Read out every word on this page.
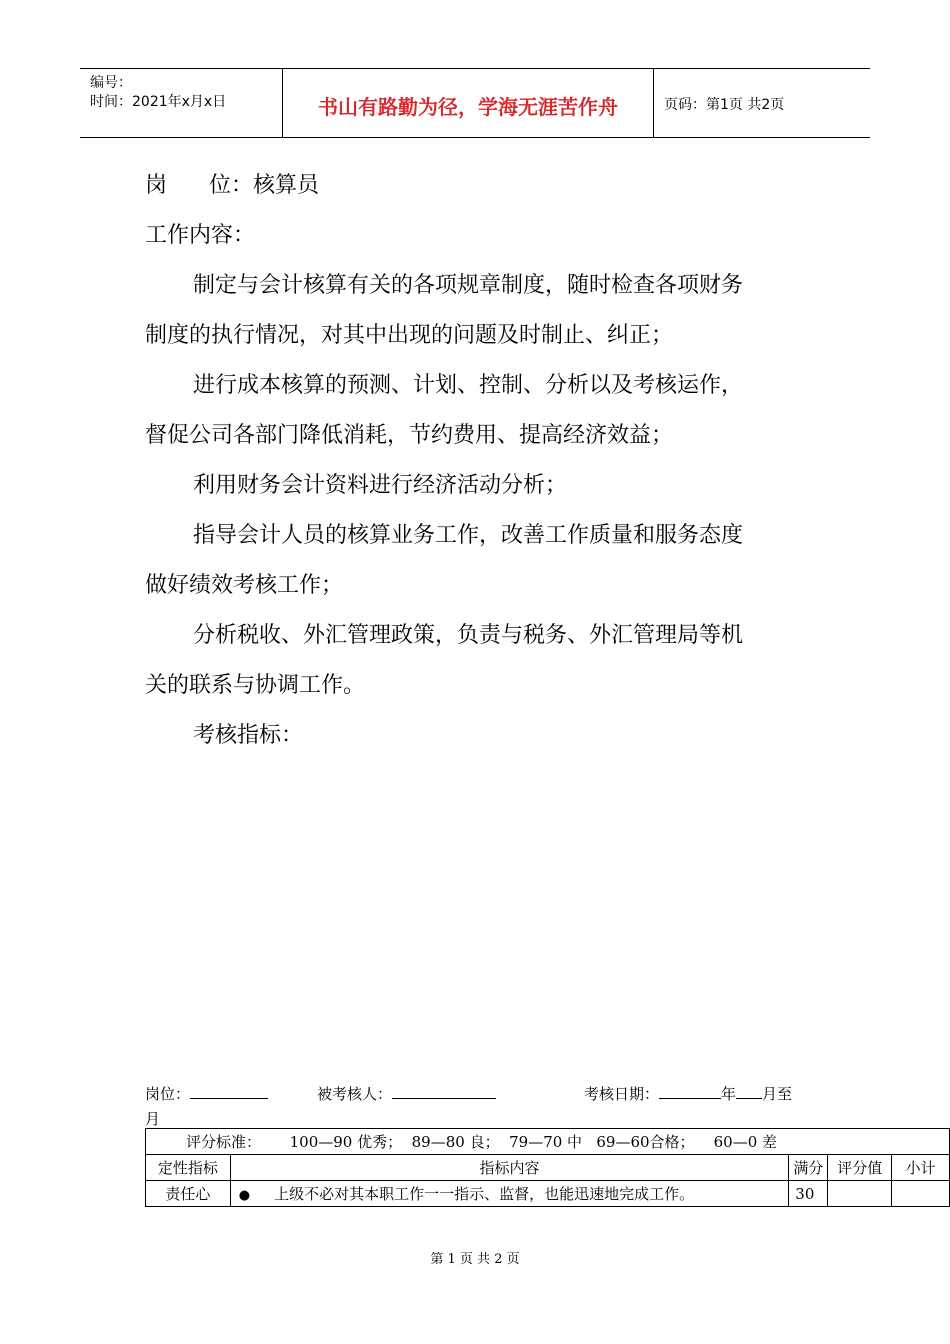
编号：
时间：2021年x月x日	书山有路勤为径，学海无涯苦作舟	页码：第1页 共2页
岗      位：核算员
工作内容：
制定与会计核算有关的各项规章制度，随时检查各项财务
制度的执行情况，对其中出现的问题及时制止、纠正；
进行成本核算的预测、计划、控制、分析以及考核运作，
督促公司各部门降低消耗，节约费用、提高经济效益；
利用财务会计资料进行经济活动分析；
指导会计人员的核算业务工作，改善工作质量和服务态度
做好绩效考核工作；
分析税收、外汇管理政策，负责与税务、外汇管理局等机
关的联系与协调工作。
考核指标：
岗位：	被考核人：	考核日期：	年 月至
月
评分标准：      100—90 优秀；  89—80 良；  79—70 中   69—60合格；    60—0 差				
定性指标	指标内容	满分	评分值	小计
责任心	● 上级不必对其本职工作一一指示、监督，也能迅速地完成工作。	30		
第 1 页 共 2 页
